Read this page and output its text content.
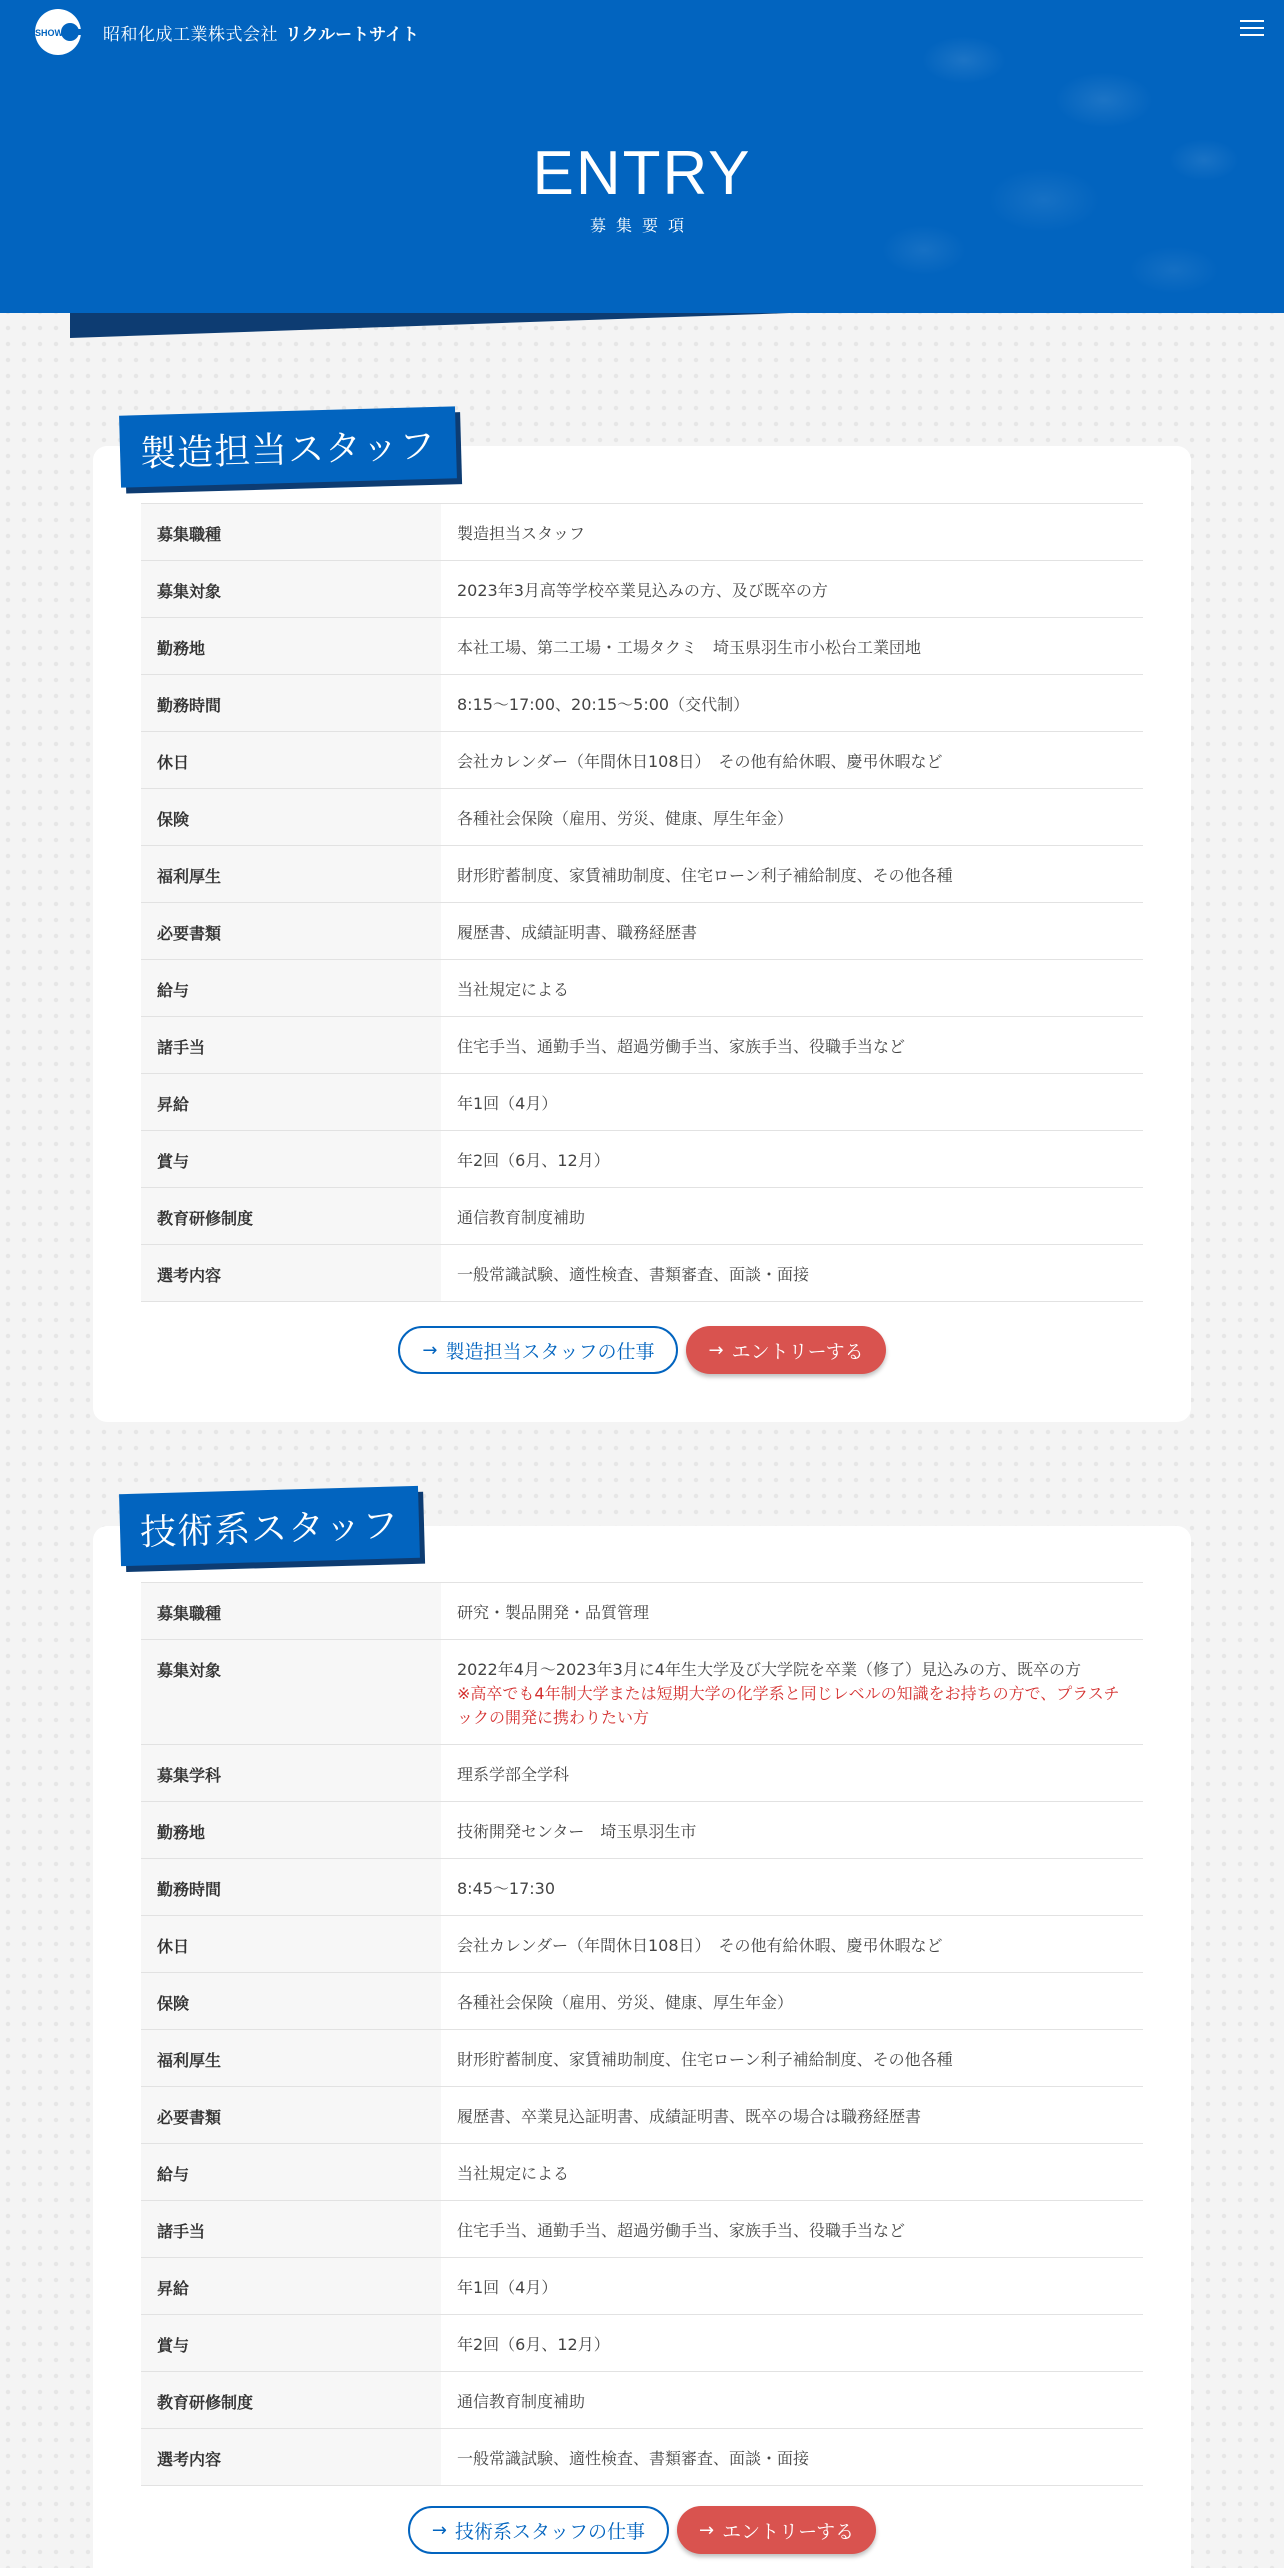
SHOWA 昭和化成工業株式会社 リクルートサイト
ENTRY
募集要項
募集職種	製造担当スタッフ
募集対象	2023年3月高等学校卒業見込みの方、及び既卒の方
勤務地	本社工場、第二工場・工場タクミ　埼玉県羽生市小松台工業団地
勤務時間	8:15～17:00、20:15～5:00（交代制）
休日	会社カレンダー（年間休日108日）　その他有給休暇、慶弔休暇など
保険	各種社会保険（雇用、労災、健康、厚生年金）
福利厚生	財形貯蓄制度、家賃補助制度、住宅ローン利子補給制度、その他各種
必要書類	履歴書、成績証明書、職務経歴書
給与	当社規定による
諸手当	住宅手当、通勤手当、超過労働手当、家族手当、役職手当など
昇給	年1回（4月）
賞与	年2回（6月、12月）
教育研修制度	通信教育制度補助
選考内容	一般常識試験、適性検査、書類審査、面談・面接
→ 製造担当スタッフの仕事	→ エントリーする
製造担当スタッフ
募集職種	研究・製品開発・品質管理
募集対象	2022年4月～2023年3月に4年生大学及び大学院を卒業（修了）見込みの方、既卒の方
※高卒でも4年制大学または短期大学の化学系と同じレベルの知識をお持ちの方で、プラスチックの開発に携わりたい方
募集学科	理系学部全学科
勤務地	技術開発センター　埼玉県羽生市
勤務時間	8:45～17:30
休日	会社カレンダー（年間休日108日）　その他有給休暇、慶弔休暇など
保険	各種社会保険（雇用、労災、健康、厚生年金）
福利厚生	財形貯蓄制度、家賃補助制度、住宅ローン利子補給制度、その他各種
必要書類	履歴書、卒業見込証明書、成績証明書、既卒の場合は職務経歴書
給与	当社規定による
諸手当	住宅手当、通勤手当、超過労働手当、家族手当、役職手当など
昇給	年1回（4月）
賞与	年2回（6月、12月）
教育研修制度	通信教育制度補助
選考内容	一般常識試験、適性検査、書類審査、面談・面接
→ 技術系スタッフの仕事	→ エントリーする
技術系スタッフ
